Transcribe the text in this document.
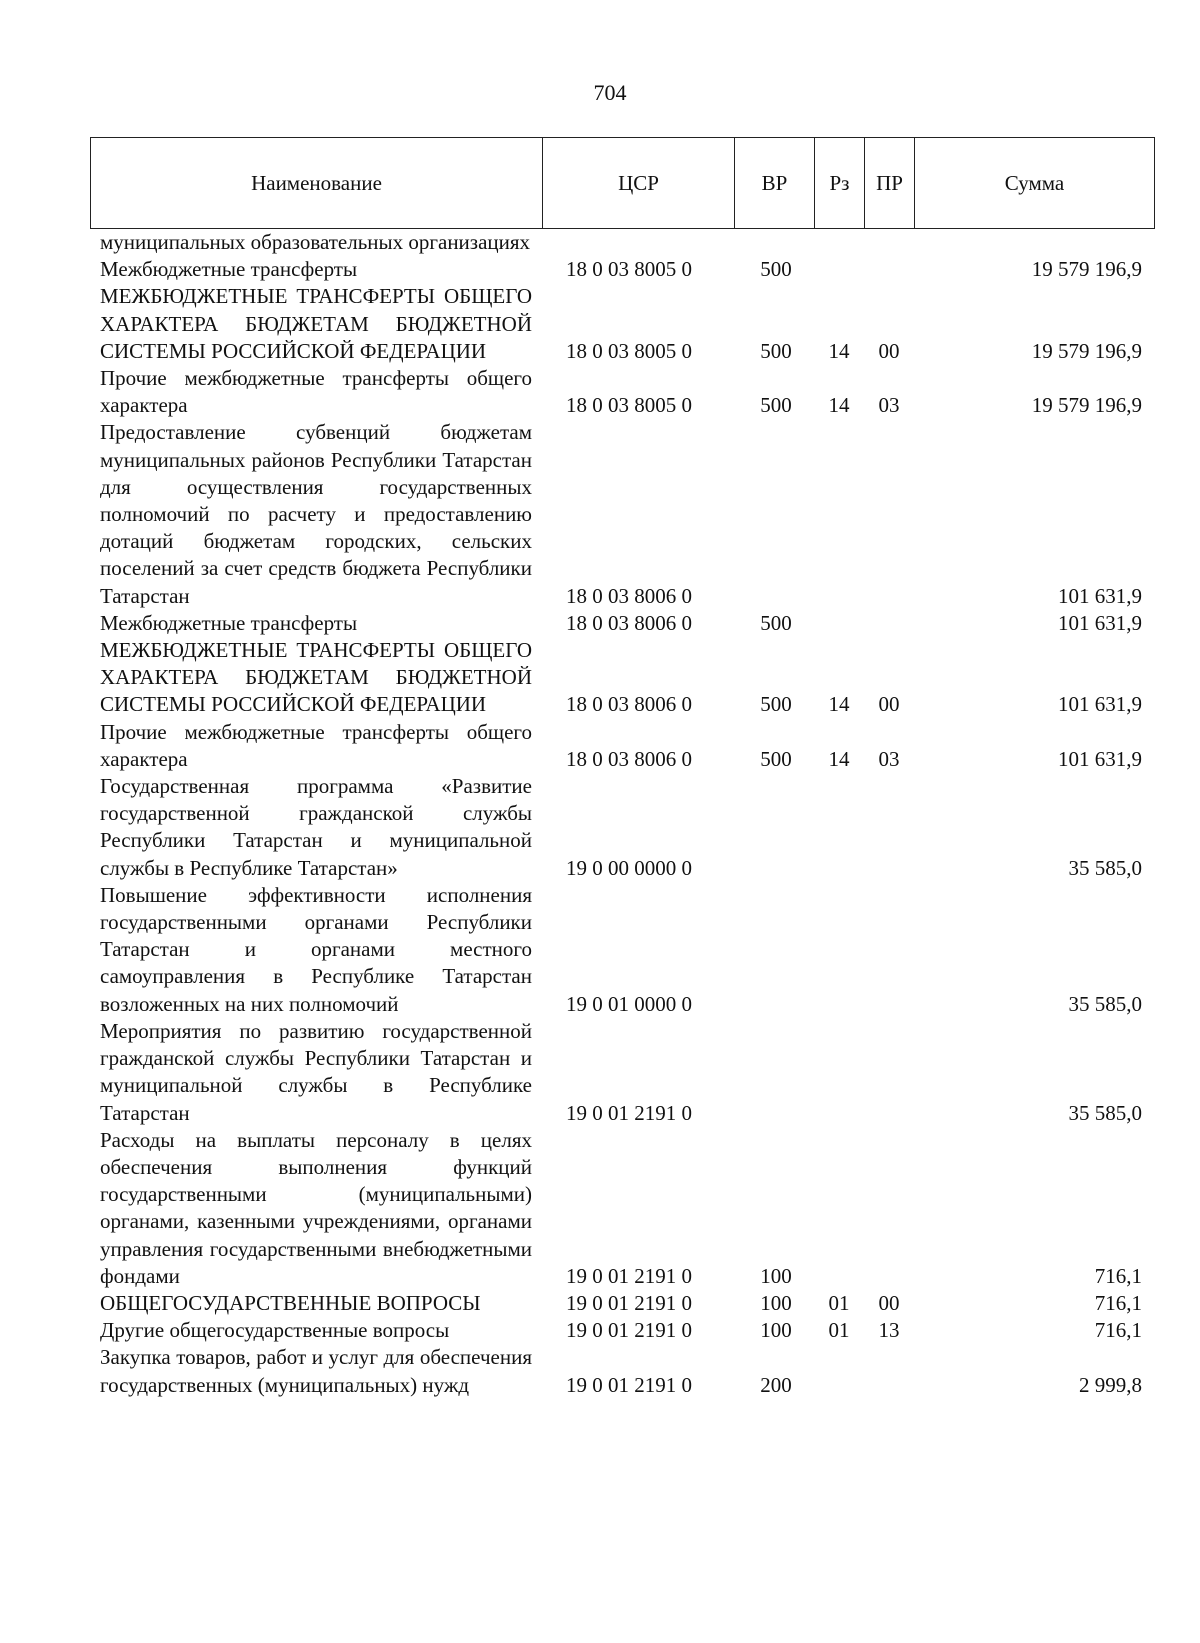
704
Наименование	ЦСР	ВР	Рз	ПР	Сумма
муниципальных образовательных организациях					

Межбюджетные трансферты	18 0 03 8005 0	500			19 579 196,9

МЕЖБЮДЖЕТНЫЕ ТРАНСФЕРТЫ ОБЩЕГО ХАРАКТЕРА БЮДЖЕТАМ БЮДЖЕТНОЙ СИСТЕМЫ РОССИЙСКОЙ ФЕДЕРАЦИИ	18 0 03 8005 0	500	14	00	19 579 196,9

Прочие межбюджетные трансферты общего характера	18 0 03 8005 0	500	14	03	19 579 196,9

Предоставление субвенций бюджетам муниципальных районов Республики Татарстан для осуществления государственных полномочий по расчету и предоставлению дотаций бюджетам городских, сельских поселений за счет средств бюджета Республики Татарстан	18 0 03 8006 0				101 631,9

Межбюджетные трансферты	18 0 03 8006 0	500			101 631,9

МЕЖБЮДЖЕТНЫЕ ТРАНСФЕРТЫ ОБЩЕГО ХАРАКТЕРА БЮДЖЕТАМ БЮДЖЕТНОЙ СИСТЕМЫ РОССИЙСКОЙ ФЕДЕРАЦИИ	18 0 03 8006 0	500	14	00	101 631,9

Прочие межбюджетные трансферты общего характера	18 0 03 8006 0	500	14	03	101 631,9

Государственная программа «Развитие государственной гражданской службы Республики Татарстан и муниципальной службы в Республике Татарстан»	19 0 00 0000 0				35 585,0

Повышение эффективности исполнения государственными органами Республики Татарстан и органами местного самоуправления в Республике Татарстан возложенных на них полномочий	19 0 01 0000 0				35 585,0

Мероприятия по развитию государственной гражданской службы Республики Татарстан и муниципальной службы в Республике Татарстан	19 0 01 2191 0				35 585,0

Расходы на выплаты персоналу в целях обеспечения выполнения функций государственными (муниципальными) органами, казенными учреждениями, органами управления государственными внебюджетными фондами	19 0 01 2191 0	100			716,1

ОБЩЕГОСУДАРСТВЕННЫЕ ВОПРОСЫ	19 0 01 2191 0	100	01	00	716,1

Другие общегосударственные вопросы	19 0 01 2191 0	100	01	13	716,1

Закупка товаров, работ и услуг для обеспечения государственных (муниципальных) нужд	19 0 01 2191 0	200			2 999,8
